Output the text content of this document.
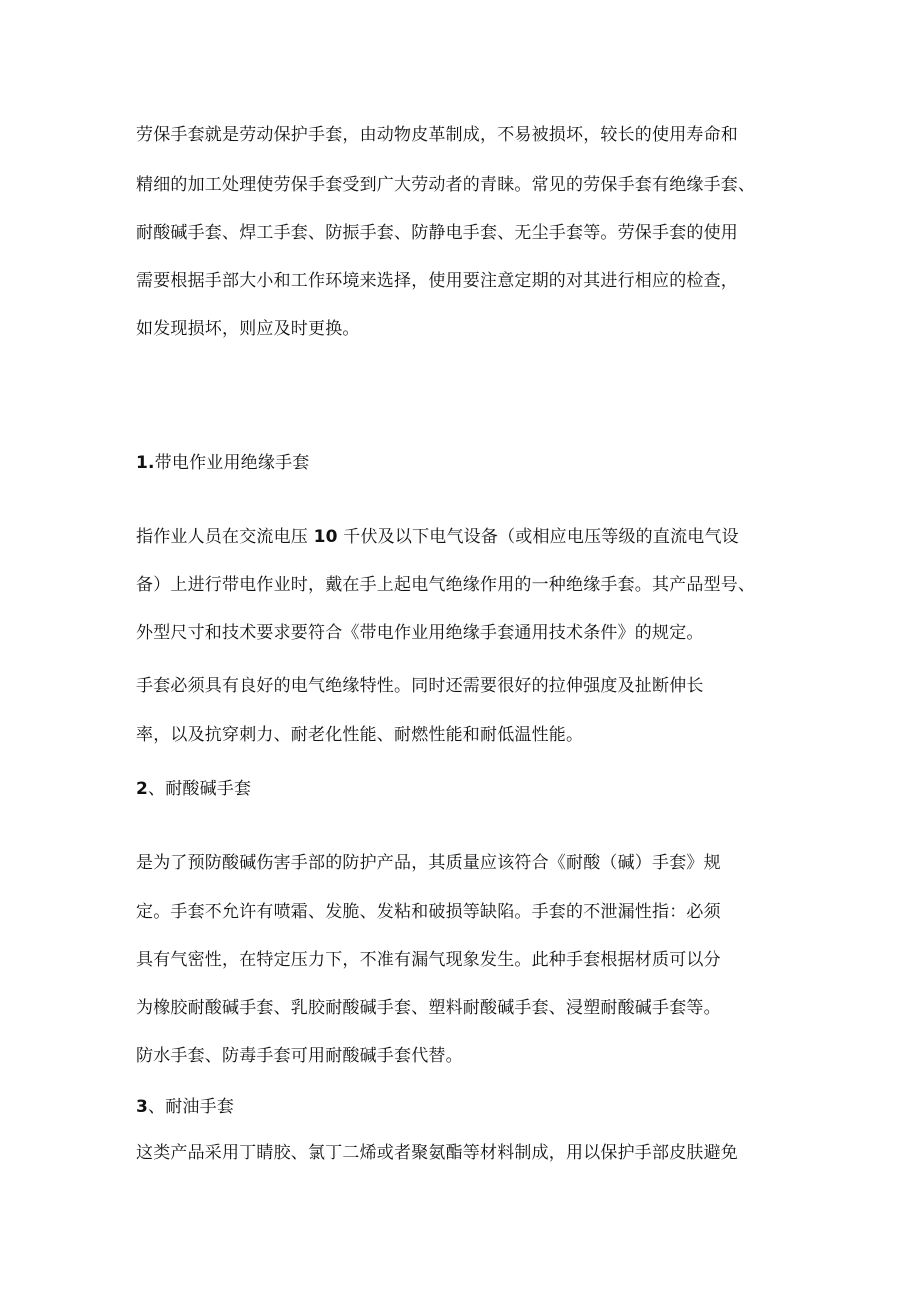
劳保手套就是劳动保护手套，由动物皮革制成，不易被损坏，较长的使用寿命和
精细的加工处理使劳保手套受到广大劳动者的青睐。常见的劳保手套有绝缘手套、
耐酸碱手套、焊工手套、防振手套、防静电手套、无尘手套等。劳保手套的使用
需要根据手部大小和工作环境来选择，使用要注意定期的对其进行相应的检查，
如发现损坏，则应及时更换。
1.带电作业用绝缘手套
指作业人员在交流电压 10 千伏及以下电气设备（或相应电压等级的直流电气设
备）上进行带电作业时，戴在手上起电气绝缘作用的一种绝缘手套。其产品型号、
外型尺寸和技术要求要符合《带电作业用绝缘手套通用技术条件》的规定。
手套必须具有良好的电气绝缘特性。同时还需要很好的拉伸强度及扯断伸长
率，以及抗穿刺力、耐老化性能、耐燃性能和耐低温性能。
2、耐酸碱手套
是为了预防酸碱伤害手部的防护产品，其质量应该符合《耐酸（碱）手套》规
定。手套不允许有喷霜、发脆、发粘和破损等缺陷。手套的不泄漏性指：必须
具有气密性，在特定压力下，不准有漏气现象发生。此种手套根据材质可以分
为橡胶耐酸碱手套、乳胶耐酸碱手套、塑料耐酸碱手套、浸塑耐酸碱手套等。
防水手套、防毒手套可用耐酸碱手套代替。
3、耐油手套
这类产品采用丁睛胶、氯丁二烯或者聚氨酯等材料制成，用以保护手部皮肤避免
